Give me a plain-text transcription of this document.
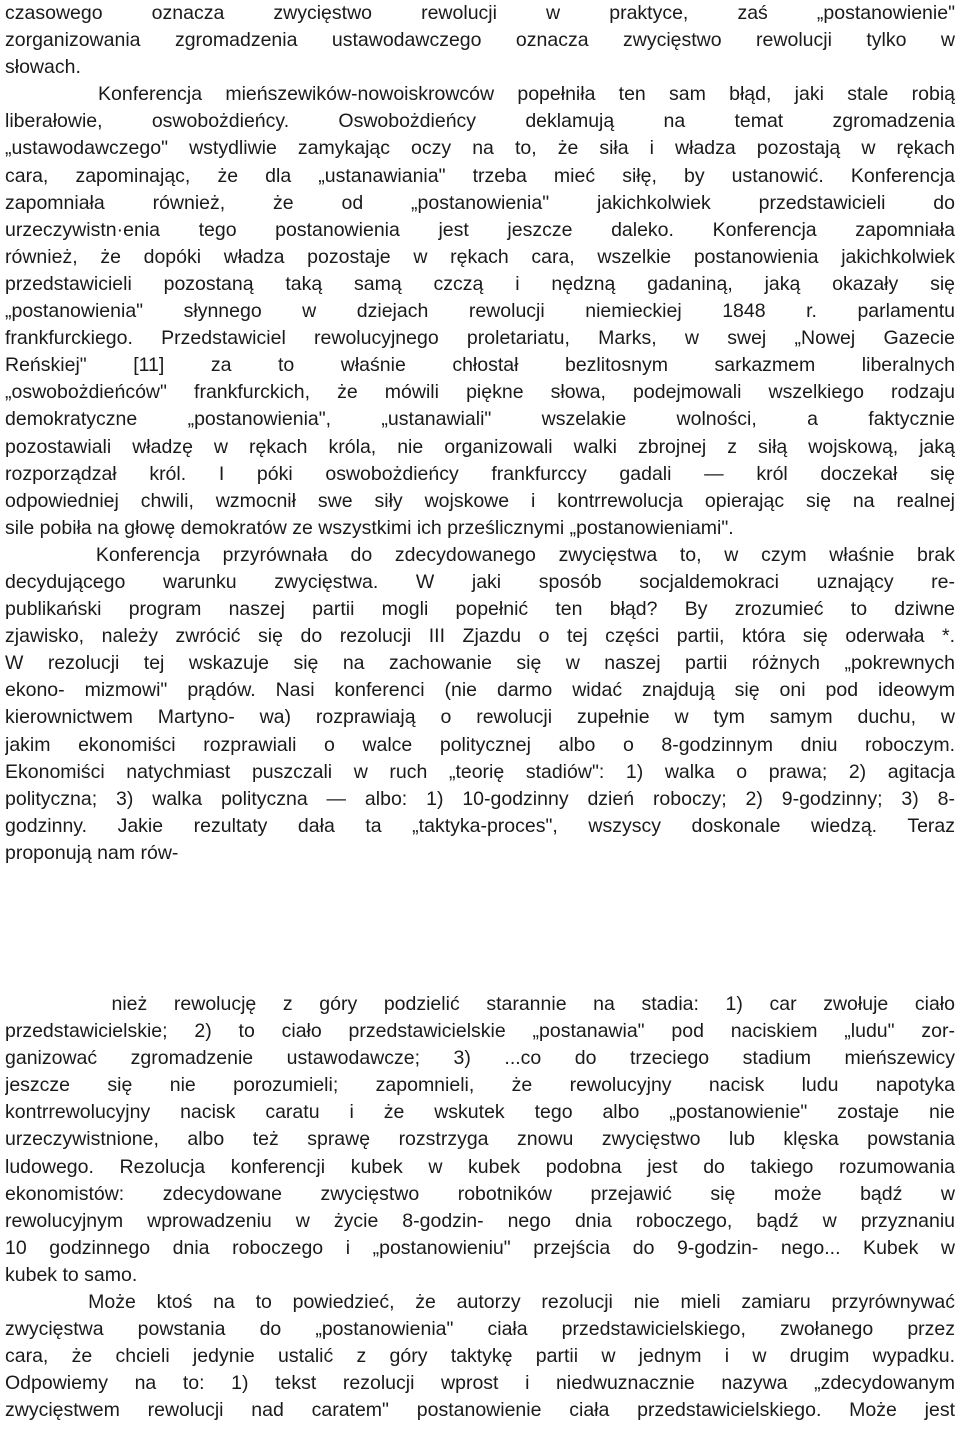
czasowego oznacza zwycięstwo rewolucji w praktyce, zaś „postanowienie"

zorganizowania zgromadzenia ustawodawczego oznacza zwycięstwo rewolucji tylko w

słowach.

Konferencja mieńszewików-nowoiskrowców popełniła ten sam błąd, jaki stale robią

liberałowie, oswobożdieńcy. Oswobożdieńcy deklamują na temat zgromadzenia

„ustawodawczego" wstydliwie zamykając oczy na to, że siła i władza pozostają w rękach

cara, zapominając, że dla „ustanawiania" trzeba mieć siłę, by ustanowić. Konferencja

zapomniała również, że od „postanowienia" jakichkolwiek przedstawicieli do

urzeczywistn·enia tego postanowienia jest jeszcze daleko. Konferencja zapomniała

również, że dopóki władza pozostaje w rękach cara, wszelkie postanowienia jakichkolwiek

przedstawicieli pozostaną taką samą czczą i nędzną gadaniną, jaką okazały się

„postanowienia" słynnego w dziejach rewolucji niemieckiej 1848 r. parlamentu

frankfurckiego. Przedstawiciel rewolucyjnego proletariatu, Marks, w swej „Nowej Gazecie

Reńskiej" [11] za to właśnie chłostał bezlitosnym sarkazmem liberalnych

„oswobożdieńców" frankfurckich, że mówili piękne słowa, podejmowali wszelkiego rodzaju

demokratyczne „postanowienia", „ustanawiali" wszelakie wolności, a faktycznie

pozostawiali władzę w rękach króla, nie organizowali walki zbrojnej z siłą wojskową, jaką

rozporządzał król. I póki oswobożdieńcy frankfurccy gadali — król doczekał się

odpowiedniej chwili, wzmocnił swe siły wojskowe i kontrrewolucja opierając się na realnej

sile pobiła na głowę demokratów ze wszystkimi ich prześlicznymi „postanowieniami".

Konferencja przyrównała do zdecydowanego zwycięstwa to, w czym właśnie brak

decydującego warunku zwycięstwa. W jaki sposób socjaldemokraci uznający re-

publikański program naszej partii mogli popełnić ten błąd? By zrozumieć to dziwne

zjawisko, należy zwrócić się do rezolucji III Zjazdu o tej części partii, która się oderwała *.

W rezolucji tej wskazuje się na zachowanie się w naszej partii różnych „pokrewnych

ekono- mizmowi" prądów. Nasi konferenci (nie darmo widać znajdują się oni pod ideowym

kierownictwem Martyno- wa) rozprawiają o rewolucji zupełnie w tym samym duchu, w

jakim ekonomiści rozprawiali o walce politycznej albo o 8-godzinnym dniu roboczym.

Ekonomiści natychmiast puszczali w ruch „teorię stadiów": 1) walka o prawa; 2) agitacja

polityczna; 3) walka polityczna — albo: 1) 10-godzinny dzień roboczy; 2) 9-godzinny; 3) 8-

godzinny. Jakie rezultaty dała ta „taktyka-proces", wszyscy doskonale wiedzą. Teraz

proponują nam rów-

nież rewolucję z góry podzielić starannie na stadia: 1) car zwołuje ciało

przedstawicielskie; 2) to ciało przedstawicielskie „postanawia" pod naciskiem „ludu" zor-

ganizować zgromadzenie ustawodawcze; 3) ...co do trzeciego stadium mieńszewicy

jeszcze się nie porozumieli; zapomnieli, że rewolucyjny nacisk ludu napotyka

kontrrewolucyjny nacisk caratu i że wskutek tego albo „postanowienie" zostaje nie

urzeczywistnione, albo też sprawę rozstrzyga znowu zwycięstwo lub klęska powstania

ludowego. Rezolucja konferencji kubek w kubek podobna jest do takiego rozumowania

ekonomistów: zdecydowane zwycięstwo robotników przejawić się może bądź w

rewolucyjnym wprowadzeniu w życie 8-godzin- nego dnia roboczego, bądź w przyznaniu

10 godzinnego dnia roboczego i „postanowieniu" przejścia do 9-godzin- nego... Kubek w

kubek to samo.

Może ktoś na to powiedzieć, że autorzy rezolucji nie mieli zamiaru przyrównywać

zwycięstwa powstania do „postanowienia" ciała przedstawicielskiego, zwołanego przez

cara, że chcieli jedynie ustalić z góry taktykę partii w jednym i w drugim wypadku.

Odpowiemy na to: 1) tekst rezolucji wprost i niedwuznacznie nazywa „zdecydowanym

zwycięstwem rewolucji nad caratem" postanowienie ciała przedstawicielskiego. Może jest
